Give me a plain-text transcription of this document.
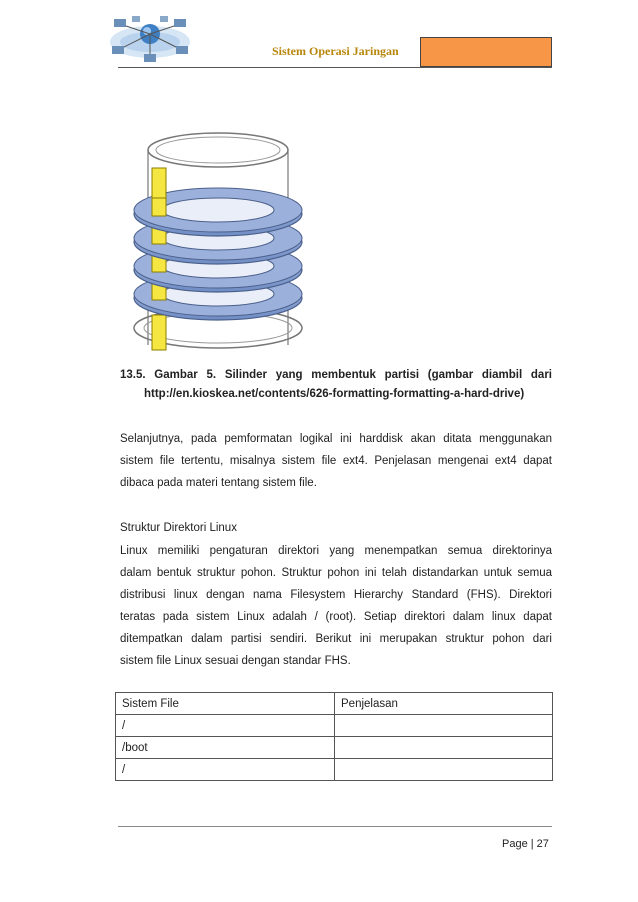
Sistem Operasi Jaringan
13.5. Gambar 5. Silinder yang membentuk partisi (gambar diambil dari
http://en.kioskea.net/contents/626-formatting-formatting-a-hard-drive)
Selanjutnya, pada pemformatan logikal ini harddisk akan ditata menggunakan
sistem file tertentu, misalnya sistem file ext4. Penjelasan mengenai ext4 dapat
dibaca pada materi tentang sistem file.
Struktur Direktori Linux
Linux memiliki pengaturan direktori yang menempatkan semua direktorinya
dalam bentuk struktur pohon. Struktur pohon ini telah distandarkan untuk semua
distribusi linux dengan nama Filesystem Hierarchy Standard (FHS). Direktori
teratas pada sistem Linux adalah / (root). Setiap direktori dalam linux dapat
ditempatkan dalam partisi sendiri. Berikut ini merupakan struktur pohon dari
sistem file Linux sesuai dengan standar FHS.
Sistem File	Penjelasan
/	
/boot	
/	
Page | 27
